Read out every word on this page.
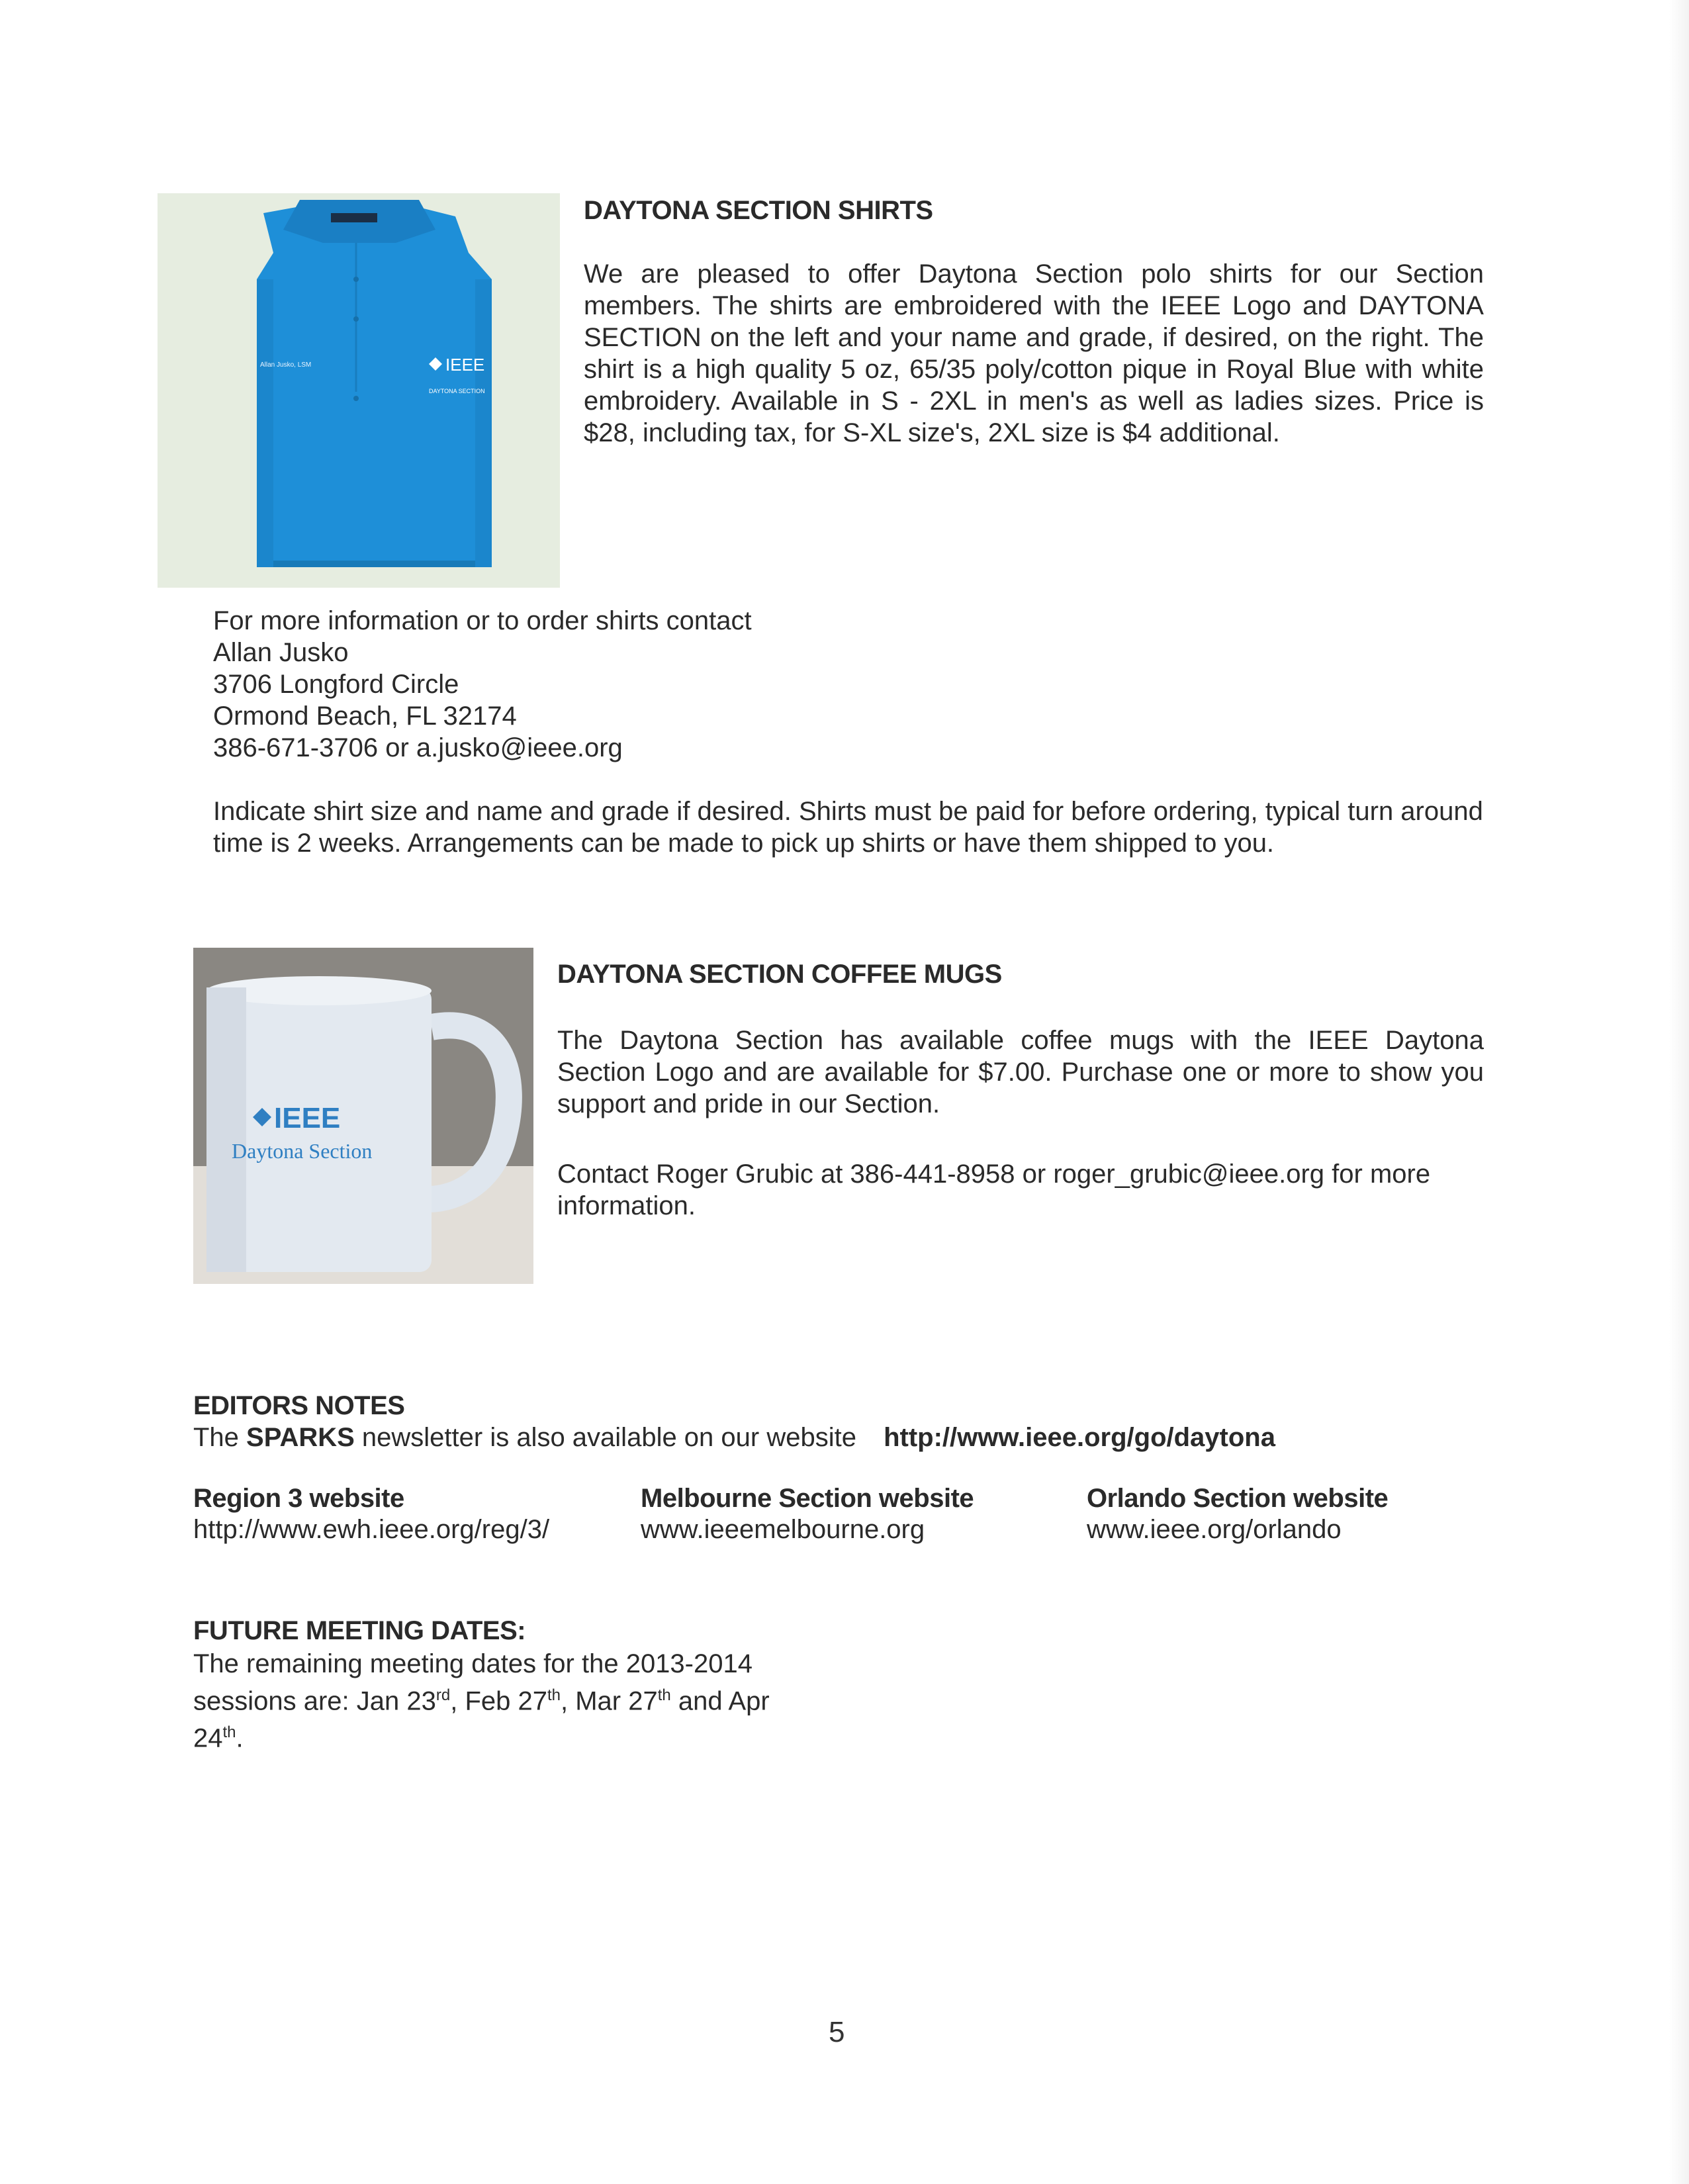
IEEE
DAYTONA SECTION
Allan Jusko, LSM
DAYTONA SECTION SHIRTS
We are pleased to offer Daytona Section polo shirts for our Section members. The shirts are embroidered with the IEEE Logo and DAYTONA SECTION on the left and your name and grade, if desired, on the right. The shirt is a high quality 5 oz, 65/35 poly/cotton pique in Royal Blue with white embroidery. Available in S - 2XL in men's as well as ladies sizes. Price is $28, including tax, for S-XL size's, 2XL size is $4 additional.
For more information or to order shirts contact
Allan Jusko
3706 Longford Circle
Ormond Beach, FL 32174
386-671-3706 or a.jusko@ieee.org
Indicate shirt size and name and grade if desired. Shirts must be paid for before ordering, typical turn around time is 2 weeks. Arrangements can be made to pick up shirts or have them shipped to you.
IEEE
Daytona Section
DAYTONA SECTION COFFEE MUGS
The Daytona Section has available coffee mugs with the IEEE Daytona Section Logo and are available for $7.00. Purchase one or more to show you support and pride in our Section.
Contact Roger Grubic at 386-441-8958 or roger_grubic@ieee.org for more information.
EDITORS NOTES
The SPARKS newsletter is also available on our website http://www.ieee.org/go/daytona
Region 3 website
http://www.ewh.ieee.org/reg/3/
Melbourne Section website
www.ieeemelbourne.org
Orlando Section website
www.ieee.org/orlando
FUTURE MEETING DATES:
The remaining meeting dates for the 2013-2014
sessions are: Jan 23rd, Feb 27th, Mar 27th and Apr
24th.
5
